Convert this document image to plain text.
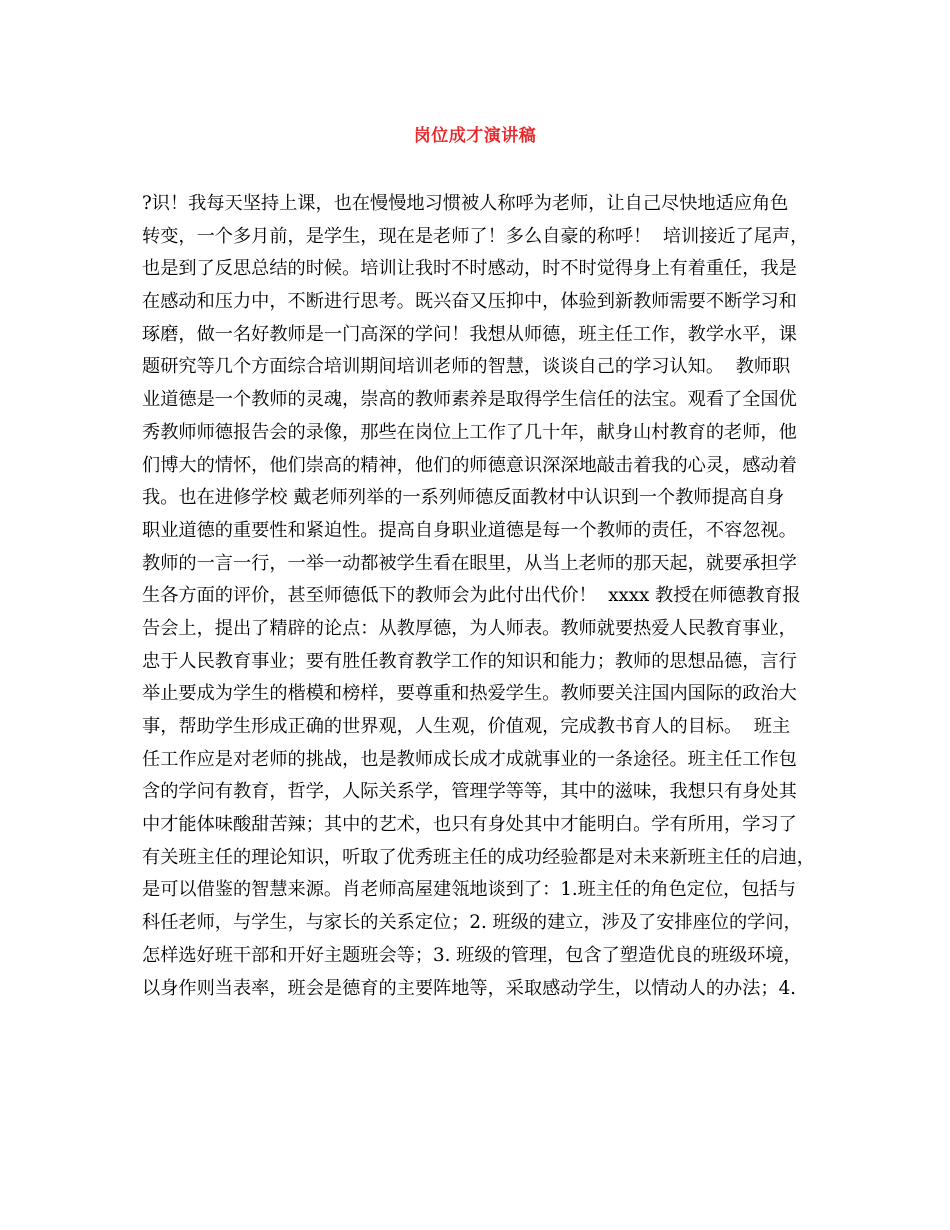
岗位成才演讲稿
?识！我每天坚持上课，也在慢慢地习惯被人称呼为老师，让自己尽快地适应角色
转变，一个多月前，是学生，现在是老师了！多么自豪的称呼！  培训接近了尾声，
也是到了反思总结的时候。培训让我时不时感动，时不时觉得身上有着重任，我是
在感动和压力中，不断进行思考。既兴奋又压抑中，体验到新教师需要不断学习和
琢磨，做一名好教师是一门高深的学问！我想从师德，班主任工作，教学水平，课
题研究等几个方面综合培训期间培训老师的智慧，谈谈自己的学习认知。  教师职
业道德是一个教师的灵魂，崇高的教师素养是取得学生信任的法宝。观看了全国优
秀教师师德报告会的录像，那些在岗位上工作了几十年，献身山村教育的老师，他
们博大的情怀，他们崇高的精神，他们的师德意识深深地敲击着我的心灵，感动着
我。也在进修学校 戴老师列举的一系列师德反面教材中认识到一个教师提高自身
职业道德的重要性和紧迫性。提高自身职业道德是每一个教师的责任，不容忽视。
教师的一言一行，一举一动都被学生看在眼里，从当上老师的那天起，就要承担学
生各方面的评价，甚至师德低下的教师会为此付出代价！  xxxx 教授在师德教育报
告会上，提出了精辟的论点：从教厚德，为人师表。教师就要热爱人民教育事业，
忠于人民教育事业；要有胜任教育教学工作的知识和能力；教师的思想品德，言行
举止要成为学生的楷模和榜样，要尊重和热爱学生。教师要关注国内国际的政治大
事，帮助学生形成正确的世界观，人生观，价值观，完成教书育人的目标。  班主
任工作应是对老师的挑战，也是教师成长成才成就事业的一条途径。班主任工作包
含的学问有教育，哲学，人际关系学，管理学等等，其中的滋味，我想只有身处其
中才能体味酸甜苦辣；其中的艺术，也只有身处其中才能明白。学有所用，学习了
有关班主任的理论知识，听取了优秀班主任的成功经验都是对未来新班主任的启迪，
是可以借鉴的智慧来源。肖老师高屋建瓴地谈到了：1.班主任的角色定位，包括与
科任老师，与学生，与家长的关系定位；2. 班级的建立，涉及了安排座位的学问，
怎样选好班干部和开好主题班会等；3. 班级的管理，包含了塑造优良的班级环境，
以身作则当表率，班会是德育的主要阵地等，采取感动学生，以情动人的办法；4.
